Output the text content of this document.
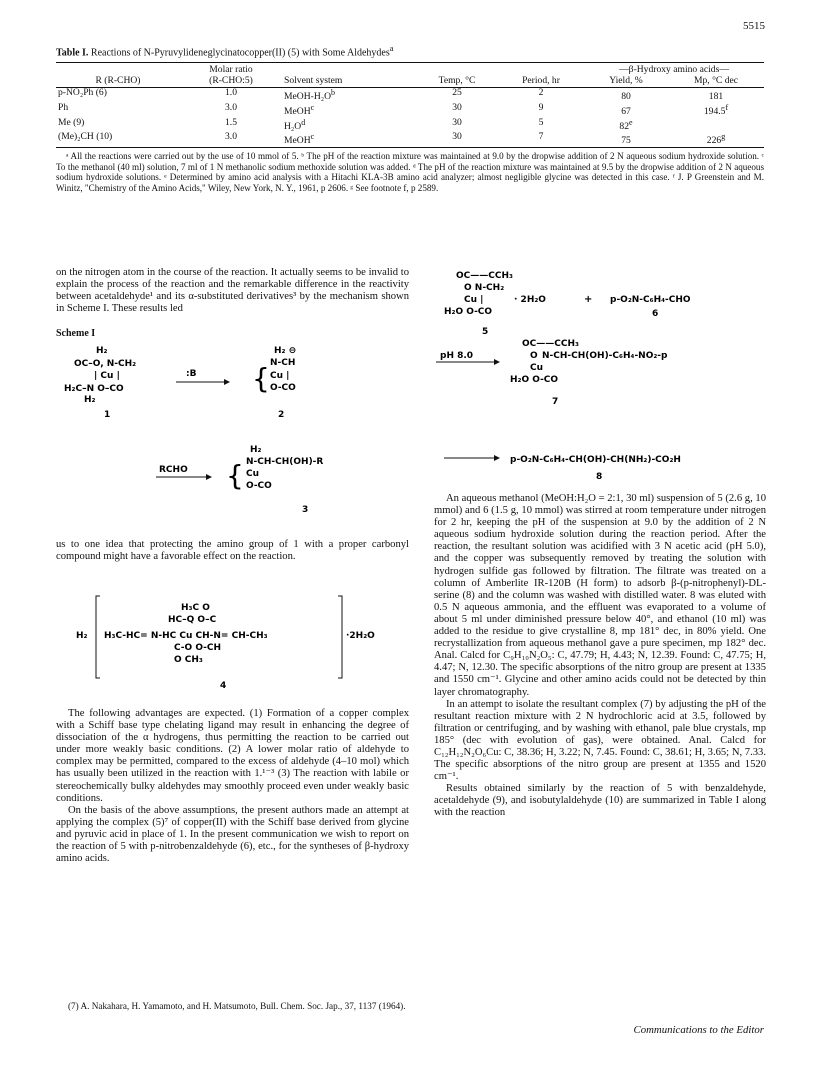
5515
Table I. Reactions of N-Pyruvylideneglycinatocopper(II) (5) with Some Aldehydes$^a$
	Molar ratio				—β-Hydroxy amino acids—	
R (R-CHO)	(R-CHO:5)	Solvent system	Temp, °C	Period, hr	Yield, %	Mp, °C dec
p-NO₂Ph (6)	1.0	MeOH-$H_2O^b$	25	2	80	181
Ph	3.0	MeOH$^c$	30	9	67	194.5$^f$
Me (9)	1.5	$H_2O^d$	30	5	82e	
(Me)₂CH (10)	3.0	MeOH$^c$	30	7	75	226$^g$
ᵃ All the reactions were carried out by the use of 10 mmol of 5. ᵇ The pH of the reaction mixture was maintained at 9.0 by the dropwise addition of 2 N aqueous sodium hydroxide solution. ᶜ To the methanol (40 ml) solution, 7 ml of 1 N methanolic sodium methoxide solution was added. ᵈ The pH of the reaction mixture was maintained at 9.5 by the dropwise addition of 2 N aqueous sodium hydroxide solutions. ᵉ Determined by amino acid analysis with a Hitachi KLA-3B amino acid analyzer; almost negligible glycine was detected in this case. ᶠ J. P Greenstein and M. Winitz, "Chemistry of the Amino Acids," Wiley, New York, N. Y., 1961, p 2606. ᵍ See footnote f, p 2589.

on the nitrogen atom in the course of the reaction. It actually seems to be invalid to explain the process of the reaction and the remarkable difference in the reactivity between acetaldehyde¹ and its α-substituted derivatives³ by the mechanism shown in Scheme I. These results led

Scheme I
H₂
OC–O, N-CH₂
| Cu |
H₂C–N O–CO
H₂
1
:B {
H₂ ⊖
N-CH
Cu |
O-CO
2
RCHO {
H₂
N-CH-CH(OH)-R
Cu
O-CO
3

us to one idea that protecting the amino group of 1 with a proper carbonyl compound might have a favorable effect on the reaction.

H₂
H₃C O
HC–Q O–C
H₃C-HC= N-HC Cu CH-N= CH-CH₃
C-O O-CH
O CH₃
·2H₂O
4

The following advantages are expected. (1) Formation of a copper complex with a Schiff base type chelating ligand may result in enhancing the degree of dissociation of the α hydrogens, thus permitting the reaction to be carried out under more weakly basic conditions. (2) A lower molar ratio of aldehyde to complex may be permitted, compared to the excess of aldehyde (4–10 mol) which has usually been utilized in the reaction with 1.¹⁻³ (3) The reaction with labile or stereochemically bulky aldehydes may smoothly proceed even under weakly basic conditions.

On the basis of the above assumptions, the present authors made an attempt at applying the complex (5)⁷ of copper(II) with the Schiff base derived from glycine and pyruvic acid in place of 1. In the present communication we wish to report on the reaction of 5 with p-nitrobenzaldehyde (6), etc., for the syntheses of β-hydroxy amino acids.

(7) A. Nakahara, H. Yamamoto, and H. Matsumoto, Bull. Chem. Soc. Jap., 37, 1137 (1964).

OC——CCH₃
O N-CH₂
Cu |
H₂O O-CO
· 2H₂O
5
+ p-O₂N-C₆H₄-CHO
6
OC——CCH₃
O N-CH-CH(OH)-C₆H₄-NO₂-p
Cu
H₂O O-CO
pH 8.0
7
p-O₂N-C₆H₄-CH(OH)-CH(NH₂)-CO₂H
8

An aqueous methanol (MeOH:H₂O = 2:1, 30 ml) suspension of 5 (2.6 g, 10 mmol) and 6 (1.5 g, 10 mmol) was stirred at room temperature under nitrogen for 2 hr, keeping the pH of the suspension at 9.0 by the addition of 2 N aqueous sodium hydroxide solution during the reaction period. After the reaction, the resultant solution was acidified with 3 N acetic acid (pH 5.0), and the copper was subsequently removed by treating the solution with hydrogen sulfide gas followed by filtration. The filtrate was treated on a column of Amberlite IR-120B (H form) to adsorb β-(p-nitrophenyl)-DL-serine (8) and the column was washed with distilled water. 8 was eluted with 0.5 N aqueous ammonia, and the effluent was evaporated to a volume of about 5 ml under diminished pressure below 40°, and ethanol (10 ml) was added to the residue to give crystalline 8, mp 181° dec, in 80% yield. One recrystallization from aqueous methanol gave a pure specimen, mp 182° dec. Anal. Calcd for C₉H₁₀N₂O₅: C, 47.79; H, 4.43; N, 12.39. Found: C, 47.75; H, 4.47; N, 12.30. The specific absorptions of the nitro group are present at 1335 and 1550 cm⁻¹. Glycine and other amino acids could not be detected by thin layer chromatography.

In an attempt to isolate the resultant complex (7) by adjusting the pH of the resultant reaction mixture with 2 N hydrochloric acid at 3.5, followed by filtration or centrifuging, and by washing with ethanol, pale blue crystals, mp 185° (dec with evolution of gas), were obtained. Anal. Calcd for C₁₂H₁₂N₂O₆Cu: C, 38.36; H, 3.22; N, 7.45. Found: C, 38.61; H, 3.65; N, 7.33. The specific absorptions of the nitro group are present at 1355 and 1520 cm⁻¹.

Results obtained similarly by the reaction of 5 with benzaldehyde, acetaldehyde (9), and isobutylaldehyde (10) are summarized in Table I along with the reaction

Communications to the Editor
